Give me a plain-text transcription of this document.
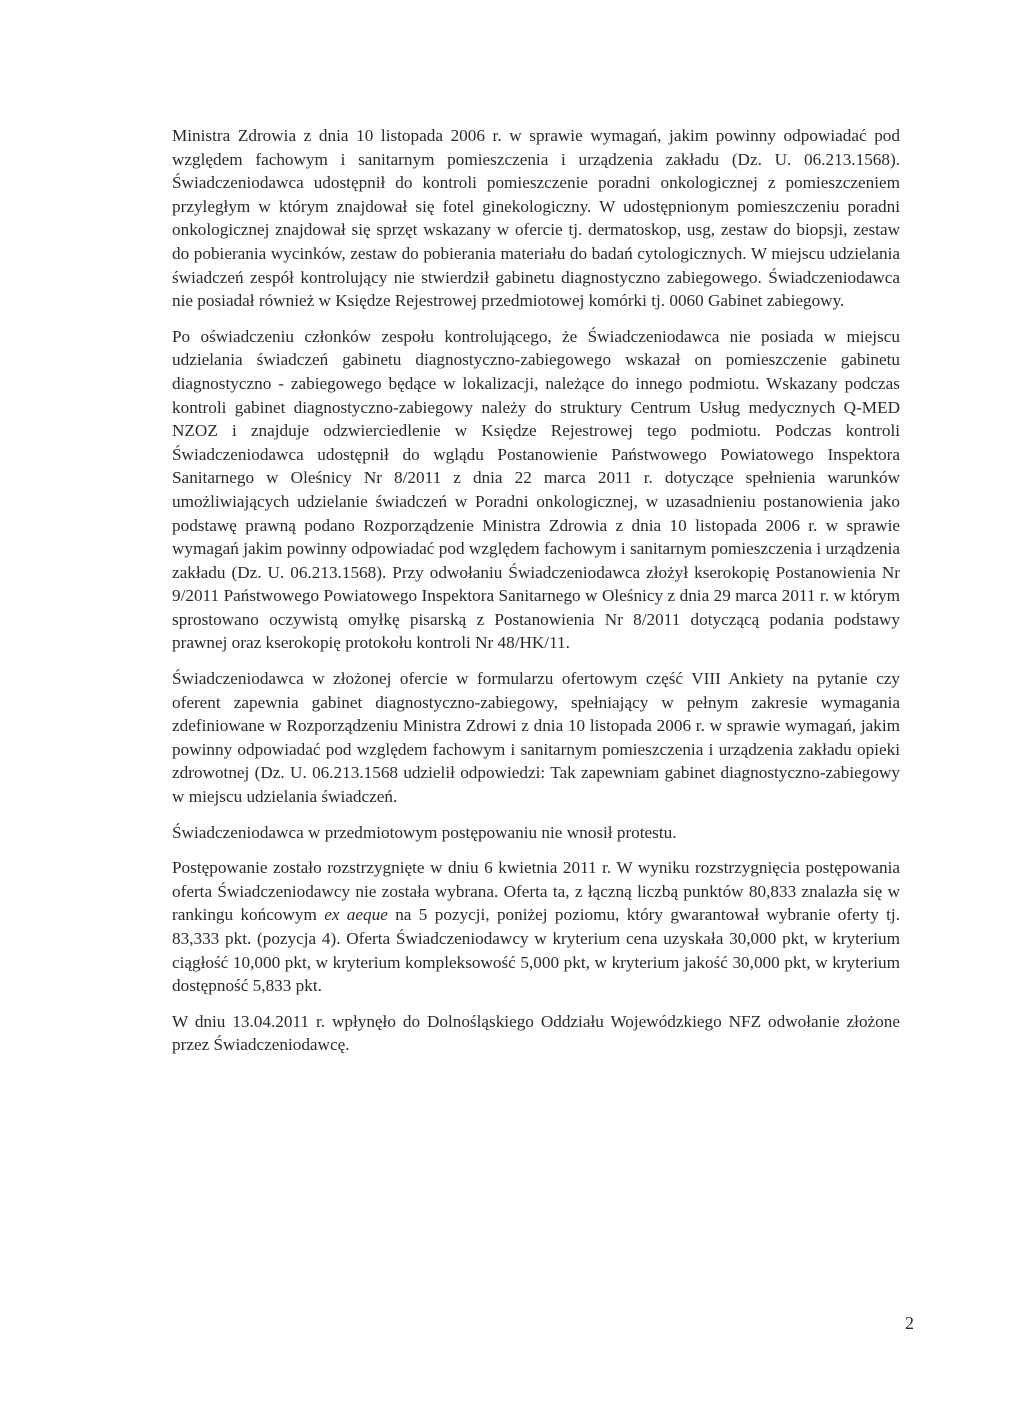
Ministra Zdrowia z dnia 10 listopada 2006 r. w sprawie wymagań, jakim powinny odpowiadać pod względem fachowym i sanitarnym pomieszczenia i urządzenia zakładu (Dz. U. 06.213.1568). Świadczeniodawca udostępnił do kontroli pomieszczenie poradni onkologicznej z pomieszczeniem przyległym w którym znajdował się fotel ginekologiczny. W udostępnionym pomieszczeniu poradni onkologicznej znajdował się sprzęt wskazany w ofercie tj. dermatoskop, usg, zestaw do biopsji, zestaw do pobierania wycinków, zestaw do pobierania materiału do badań cytologicznych. W miejscu udzielania świadczeń zespół kontrolujący nie stwierdził gabinetu diagnostyczno zabiegowego. Świadczeniodawca nie posiadał również w Księdze Rejestrowej przedmiotowej komórki tj. 0060 Gabinet zabiegowy.

Po oświadczeniu członków zespołu kontrolującego, że Świadczeniodawca nie posiada w miejscu udzielania świadczeń gabinetu diagnostyczno-zabiegowego wskazał on pomieszczenie gabinetu diagnostyczno - zabiegowego będące w lokalizacji, należące do innego podmiotu. Wskazany podczas kontroli gabinet diagnostyczno-zabiegowy należy do struktury Centrum Usług medycznych Q-MED NZOZ i znajduje odzwierciedlenie w Księdze Rejestrowej tego podmiotu. Podczas kontroli Świadczeniodawca udostępnił do wglądu Postanowienie Państwowego Powiatowego Inspektora Sanitarnego w Oleśnicy Nr 8/2011 z dnia 22 marca 2011 r. dotyczące spełnienia warunków umożliwiających udzielanie świadczeń w Poradni onkologicznej, w uzasadnieniu postanowienia jako podstawę prawną podano Rozporządzenie Ministra Zdrowia z dnia 10 listopada 2006 r. w sprawie wymagań jakim powinny odpowiadać pod względem fachowym i sanitarnym pomieszczenia i urządzenia zakładu (Dz. U. 06.213.1568). Przy odwołaniu Świadczeniodawca złożył kserokopię Postanowienia Nr 9/2011 Państwowego Powiatowego Inspektora Sanitarnego w Oleśnicy z dnia 29 marca 2011 r. w którym sprostowano oczywistą omyłkę pisarską z Postanowienia Nr 8/2011 dotyczącą podania podstawy prawnej oraz kserokopię protokołu kontroli Nr 48/HK/11.

Świadczeniodawca w złożonej ofercie w formularzu ofertowym część VIII Ankiety na pytanie czy oferent zapewnia gabinet diagnostyczno-zabiegowy, spełniający w pełnym zakresie wymagania zdefiniowane w Rozporządzeniu Ministra Zdrowi z dnia 10 listopada 2006 r. w sprawie wymagań, jakim powinny odpowiadać pod względem fachowym i sanitarnym pomieszczenia i urządzenia zakładu opieki zdrowotnej (Dz. U. 06.213.1568 udzielił odpowiedzi: Tak zapewniam gabinet diagnostyczno-zabiegowy w miejscu udzielania świadczeń.

Świadczeniodawca w przedmiotowym postępowaniu nie wnosił protestu.

Postępowanie zostało rozstrzygnięte w dniu 6 kwietnia 2011 r. W wyniku rozstrzygnięcia postępowania oferta Świadczeniodawcy nie została wybrana. Oferta ta, z łączną liczbą punktów 80,833 znalazła się w rankingu końcowym ex aeque na 5 pozycji, poniżej poziomu, który gwarantował wybranie oferty tj. 83,333 pkt. (pozycja 4). Oferta Świadczeniodawcy w kryterium cena uzyskała 30,000 pkt, w kryterium ciągłość 10,000 pkt, w kryterium kompleksowość 5,000 pkt, w kryterium jakość 30,000 pkt, w kryterium dostępność 5,833 pkt.

W dniu 13.04.2011 r. wpłynęło do Dolnośląskiego Oddziału Wojewódzkiego NFZ odwołanie złożone przez Świadczeniodawcę.

2
